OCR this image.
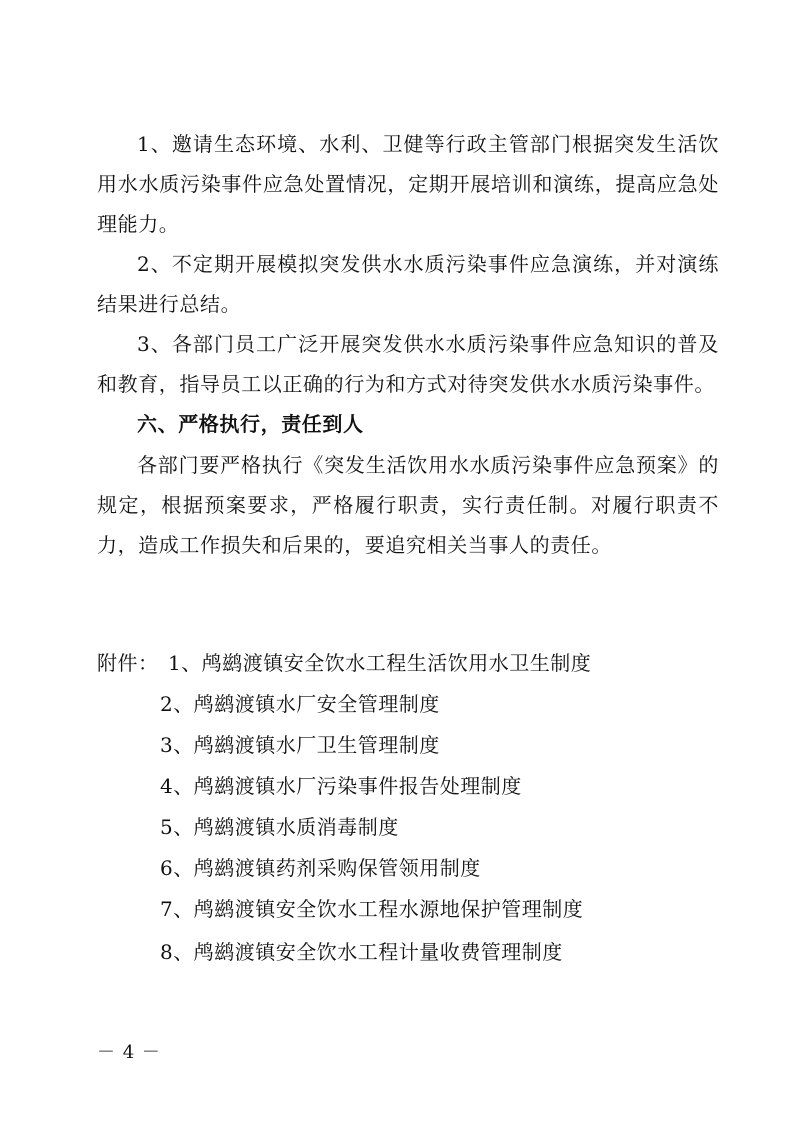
1、邀请生态环境、水利、卫健等行政主管部门根据突发生活饮用水水质污染事件应急处置情况，定期开展培训和演练，提高应急处理能力。

2、不定期开展模拟突发供水水质污染事件应急演练，并对演练结果进行总结。

3、各部门员工广泛开展突发供水水质污染事件应急知识的普及和教育，指导员工以正确的行为和方式对待突发供水水质污染事件。

六、严格执行，责任到人

各部门要严格执行《突发生活饮用水水质污染事件应急预案》的规定，根据预案要求，严格履行职责，实行责任制。对履行职责不力，造成工作损失和后果的，要追究相关当事人的责任。

附件： 1、鸬鹚渡镇安全饮水工程生活饮用水卫生制度
2、鸬鹚渡镇水厂安全管理制度
3、鸬鹚渡镇水厂卫生管理制度
4、鸬鹚渡镇水厂污染事件报告处理制度
5、鸬鹚渡镇水质消毒制度
6、鸬鹚渡镇药剂采购保管领用制度
7、鸬鹚渡镇安全饮水工程水源地保护管理制度
8、鸬鹚渡镇安全饮水工程计量收费管理制度
－ 4 －
